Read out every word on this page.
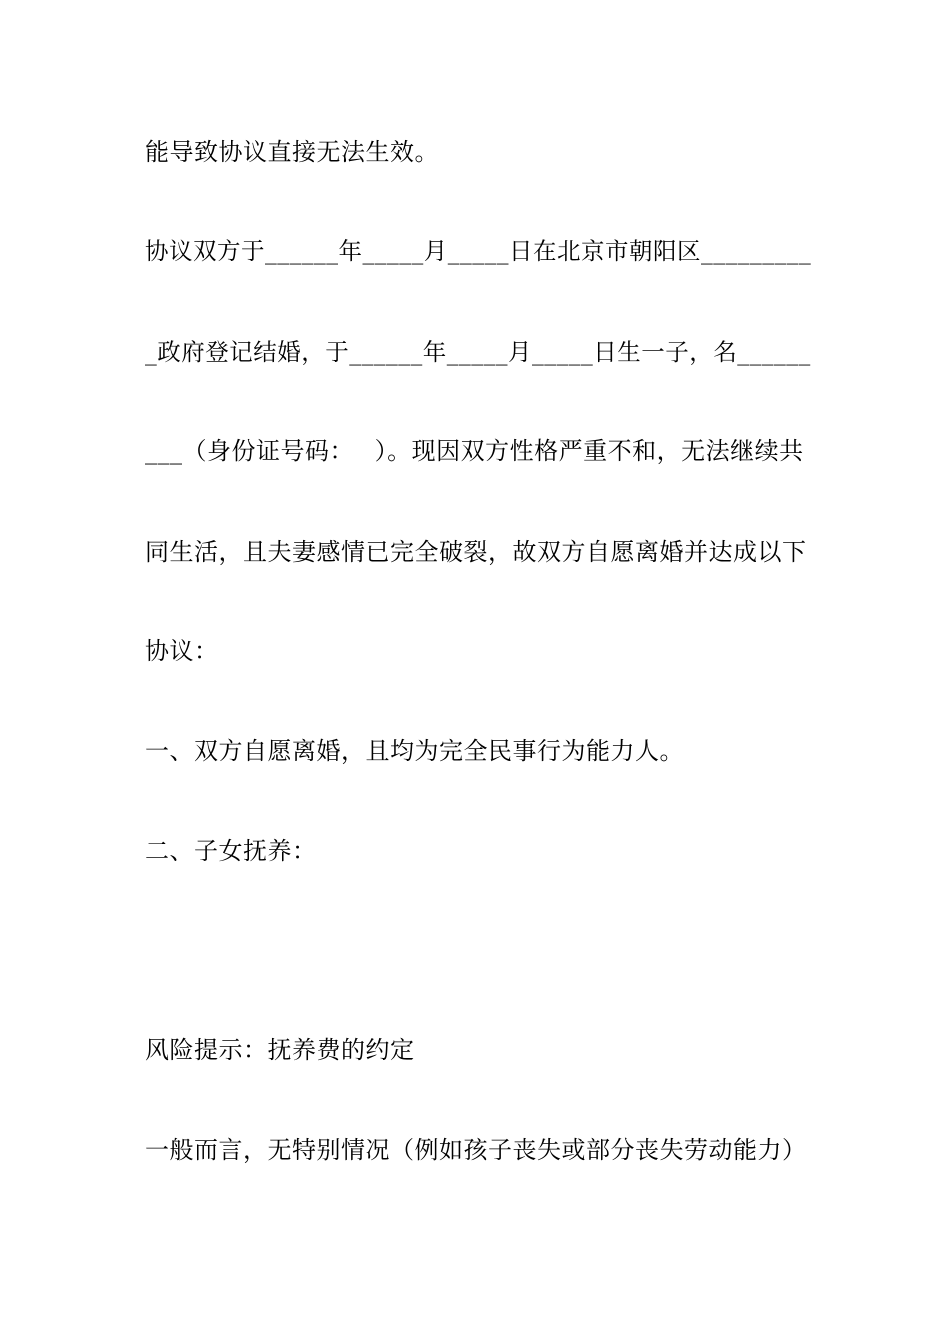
能导致协议直接无法生效。
协议双方于______年_____月_____日在北京市朝阳区_________
_政府登记结婚，于______年_____月_____日生一子，名______
___（身份证号码：　 ）。现因双方性格严重不和，无法继续共
同生活，且夫妻感情已完全破裂，故双方自愿离婚并达成以下
协议：
一、双方自愿离婚，且均为完全民事行为能力人。
二、子女抚养：
风险提示：抚养费的约定
一般而言，无特别情况（例如孩子丧失或部分丧失劳动能力）
